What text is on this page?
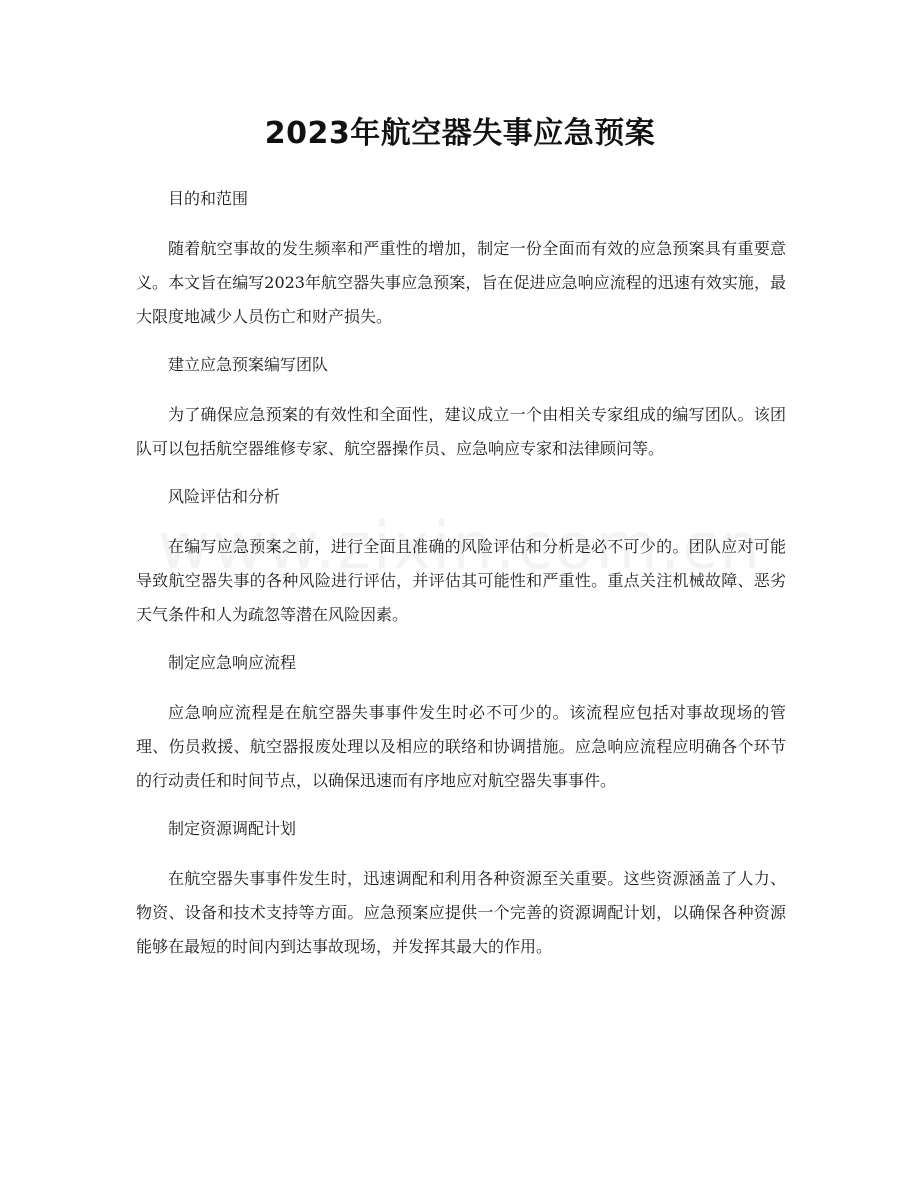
2023年航空器失事应急预案

目的和范围

随着航空事故的发生频率和严重性的增加，制定一份全面而有效的应急预案具有重要意义。本文旨在编写2023年航空器失事应急预案，旨在促进应急响应流程的迅速有效实施，最大限度地减少人员伤亡和财产损失。

建立应急预案编写团队

为了确保应急预案的有效性和全面性，建议成立一个由相关专家组成的编写团队。该团队可以包括航空器维修专家、航空器操作员、应急响应专家和法律顾问等。

风险评估和分析

在编写应急预案之前，进行全面且准确的风险评估和分析是必不可少的。团队应对可能导致航空器失事的各种风险进行评估，并评估其可能性和严重性。重点关注机械故障、恶劣天气条件和人为疏忽等潜在风险因素。

制定应急响应流程

应急响应流程是在航空器失事事件发生时必不可少的。该流程应包括对事故现场的管理、伤员救援、航空器报废处理以及相应的联络和协调措施。应急响应流程应明确各个环节的行动责任和时间节点，以确保迅速而有序地应对航空器失事事件。

制定资源调配计划

在航空器失事事件发生时，迅速调配和利用各种资源至关重要。这些资源涵盖了人力、物资、设备和技术支持等方面。应急预案应提供一个完善的资源调配计划，以确保各种资源能够在最短的时间内到达事故现场，并发挥其最大的作用。
